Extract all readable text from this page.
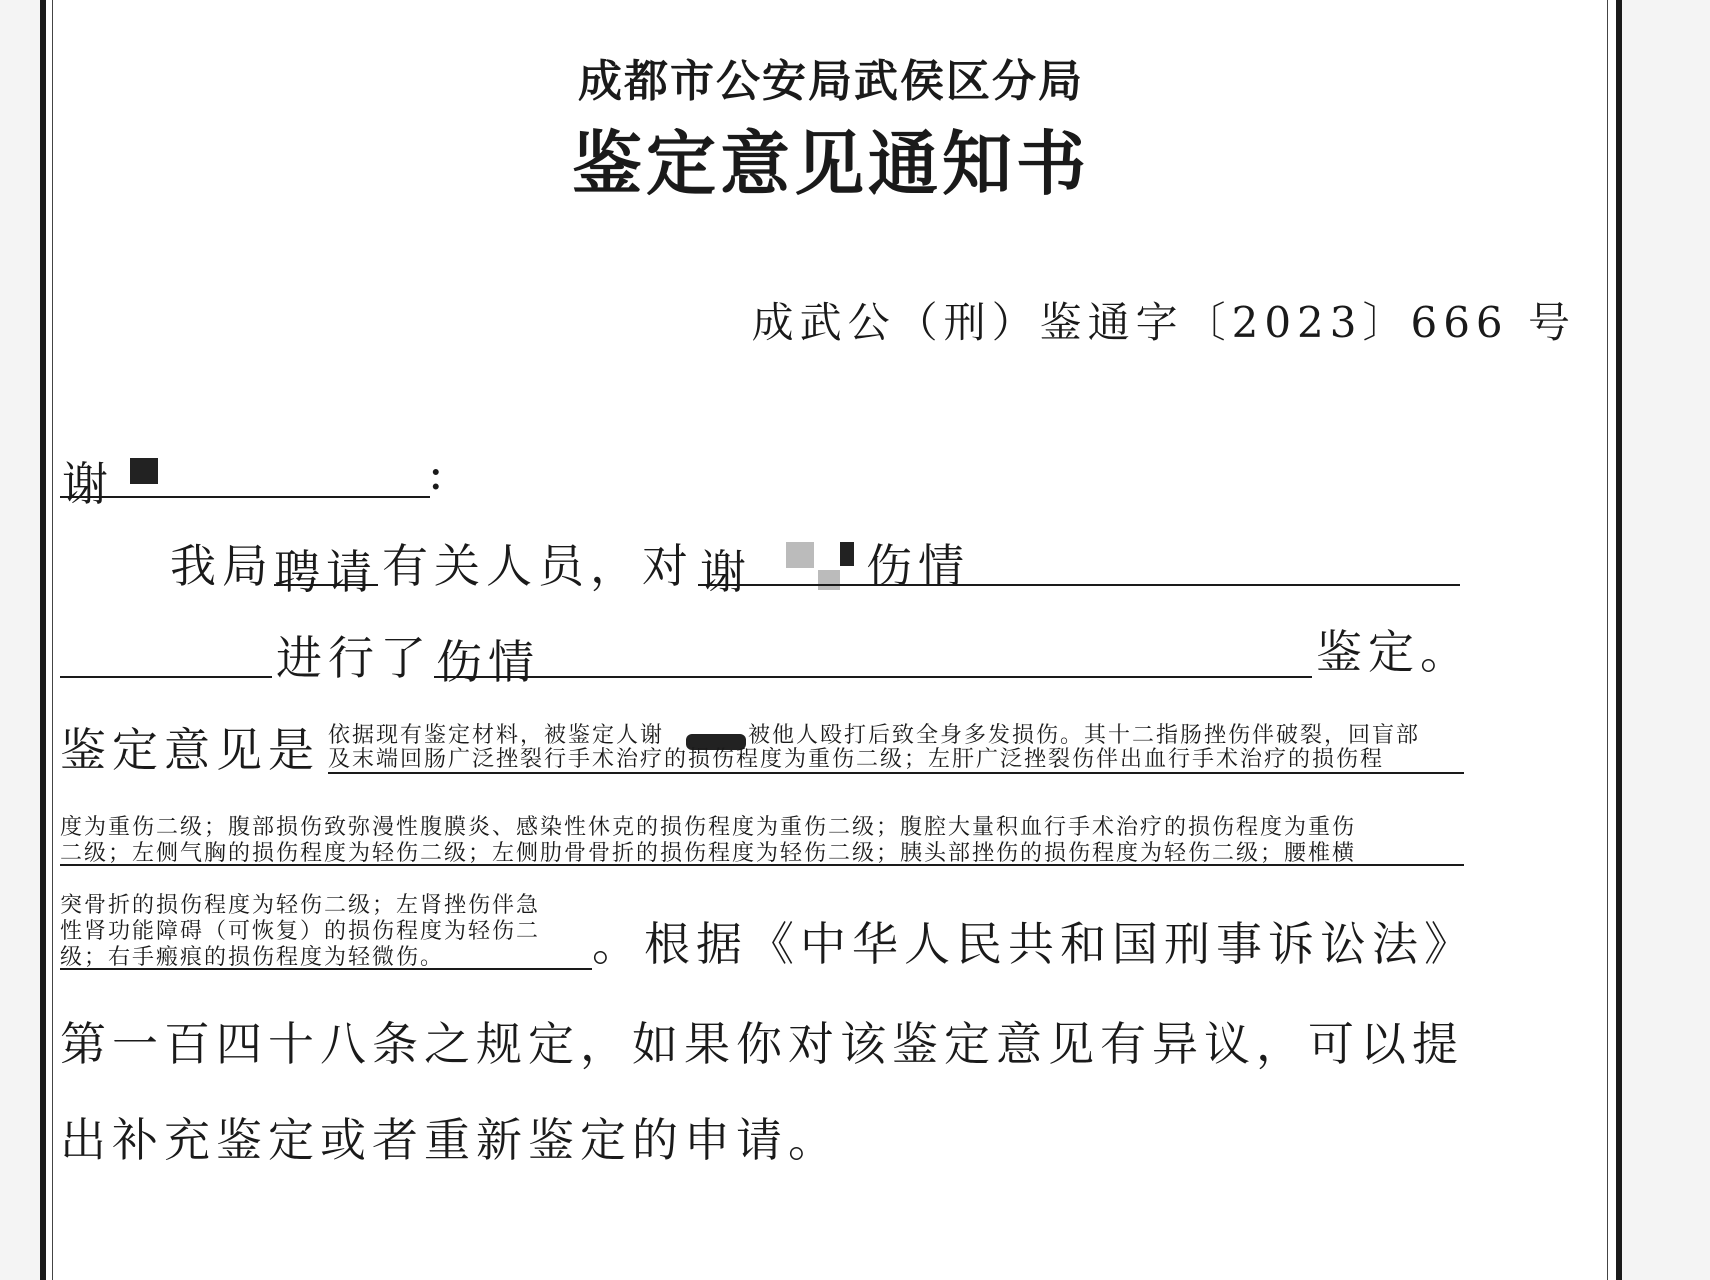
成都市公安局武侯区分局
鉴定意见通知书
成武公（刑）鉴通字〔2023〕666 号
谢	:
我局 聘请 有关人员，对 谢 伤情
进行了 伤情	鉴定。
鉴定意见是 依据现有鉴定材料，被鉴定人谢	被他人殴打后致全身多发损伤。其十二指肠挫伤伴破裂，回盲部
及末端回肠广泛挫裂行手术治疗的损伤程度为重伤二级；左肝广泛挫裂伤伴出血行手术治疗的损伤程
度为重伤二级；腹部损伤致弥漫性腹膜炎、感染性休克的损伤程度为重伤二级；腹腔大量积血行手术治疗的损伤程度为重伤
二级；左侧气胸的损伤程度为轻伤二级；左侧肋骨骨折的损伤程度为轻伤二级；胰头部挫伤的损伤程度为轻伤二级；腰椎横
突骨折的损伤程度为轻伤二级；左肾挫伤伴急
性肾功能障碍（可恢复）的损伤程度为轻伤二
级；右手瘢痕的损伤程度为轻微伤。	。根据《中华人民共和国刑事诉讼法》
第一百四十八条之规定，如果你对该鉴定意见有异议，可以提
出补充鉴定或者重新鉴定的申请。
